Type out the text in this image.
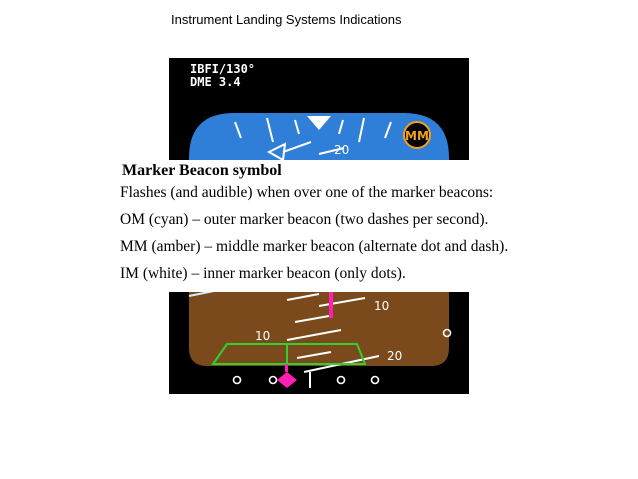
Instrument Landing Systems Indications
20
MM
10
10
20
IBFI/130°
DME 3.4
Marker Beacon symbol
Flashes (and audible) when over one of the marker beacons:
OM (cyan) – outer marker beacon (two dashes per second).
MM (amber) – middle marker beacon (alternate dot and dash).
IM (white) – inner marker beacon (only dots).
